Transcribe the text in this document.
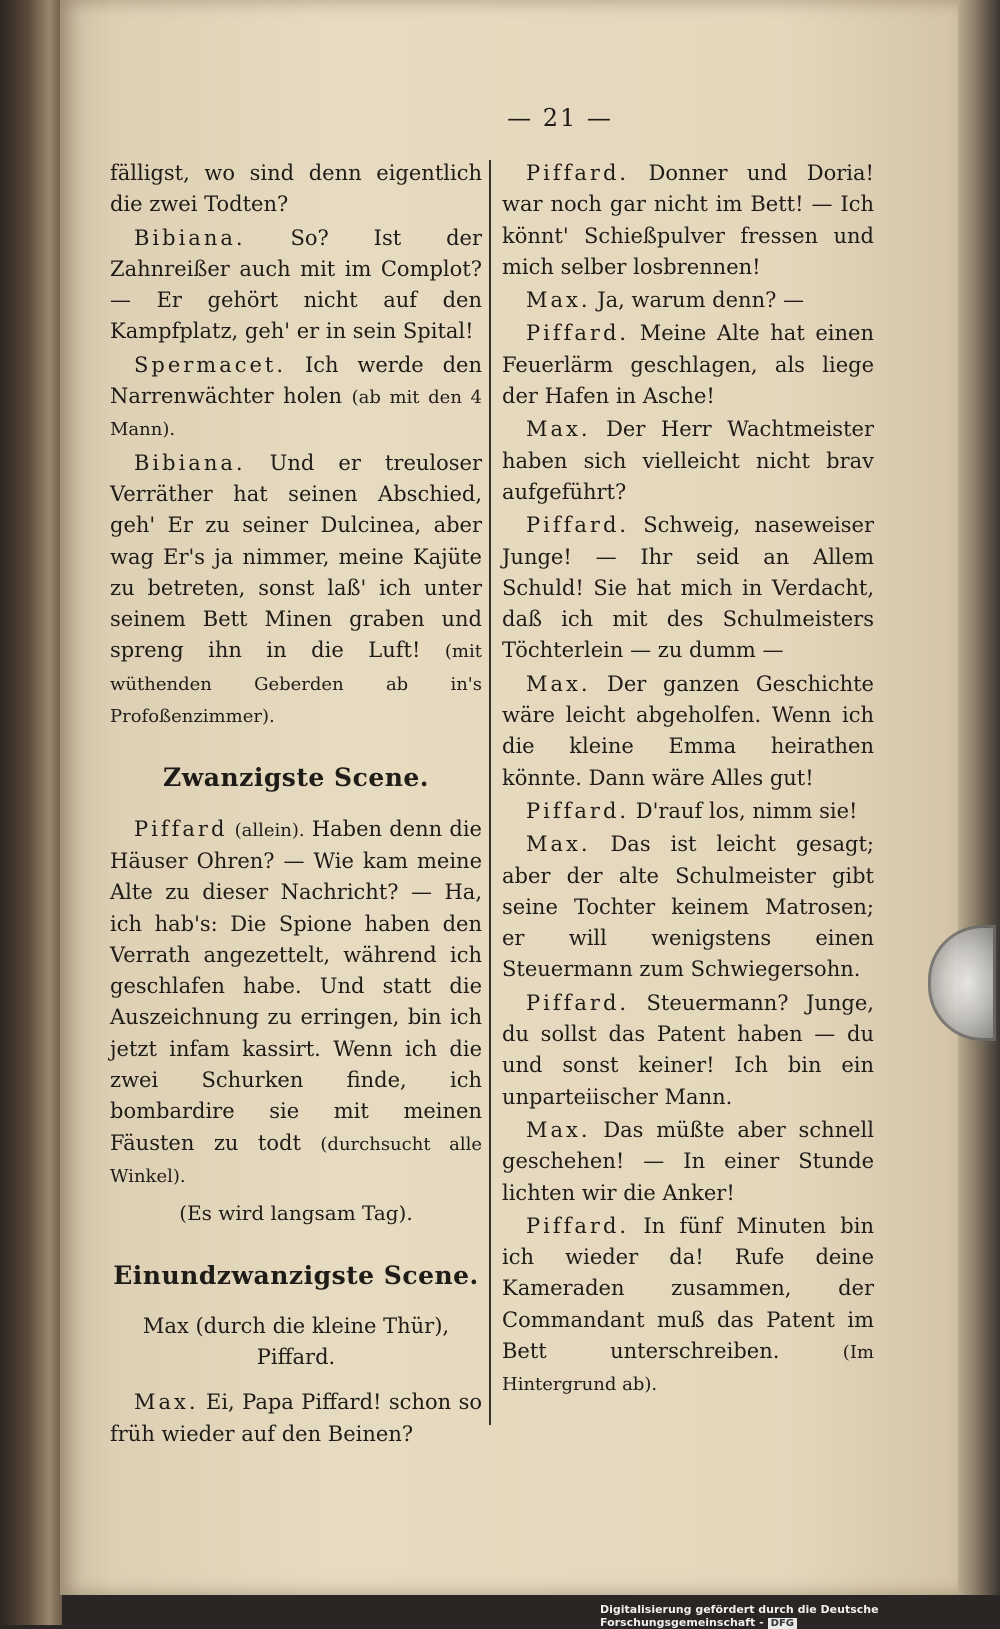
— 21 —

fälligst, wo sind denn eigentlich die zwei Todten?

Bibiana. So? Ist der Zahnreißer auch mit im Complot? — Er gehört nicht auf den Kampfplatz, geh' er in sein Spital!

Spermacet. Ich werde den Narrenwächter holen (ab mit den 4 Mann).

Bibiana. Und er treuloser Verräther hat seinen Abschied, geh' Er zu seiner Dulcinea, aber wag Er's ja nimmer, meine Kajüte zu betreten, sonst laß' ich unter seinem Bett Minen graben und spreng ihn in die Luft! (mit wüthenden Geberden ab in's Profoßenzimmer).

Zwanzigste Scene.

Piffard (allein). Haben denn die Häuser Ohren? — Wie kam meine Alte zu dieser Nachricht? — Ha, ich hab's: Die Spione haben den Verrath angezettelt, während ich geschlafen habe. Und statt die Auszeichnung zu erringen, bin ich jetzt infam kassirt. Wenn ich die zwei Schurken finde, ich bombardire sie mit meinen Fäusten zu todt (durchsucht alle Winkel).

(Es wird langsam Tag).

Einundzwanzigste Scene.

Max (durch die kleine Thür), Piffard.

Max. Ei, Papa Piffard! schon so früh wieder auf den Beinen?

Piffard. Donner und Doria! war noch gar nicht im Bett! — Ich könnt' Schießpulver fressen und mich selber losbrennen!

Max. Ja, warum denn? —

Piffard. Meine Alte hat einen Feuerlärm geschlagen, als liege der Hafen in Asche!

Max. Der Herr Wachtmeister haben sich vielleicht nicht brav aufgeführt?

Piffard. Schweig, naseweiser Junge! — Ihr seid an Allem Schuld! Sie hat mich in Verdacht, daß ich mit des Schulmeisters Töchterlein — zu dumm —

Max. Der ganzen Geschichte wäre leicht abgeholfen. Wenn ich die kleine Emma heirathen könnte. Dann wäre Alles gut!

Piffard. D'rauf los, nimm sie!

Max. Das ist leicht gesagt; aber der alte Schulmeister gibt seine Tochter keinem Matrosen; er will wenigstens einen Steuermann zum Schwiegersohn.

Piffard. Steuermann? Junge, du sollst das Patent haben — du und sonst keiner! Ich bin ein unparteiischer Mann.

Max. Das müßte aber schnell geschehen! — In einer Stunde lichten wir die Anker!

Piffard. In fünf Minuten bin ich wieder da! Rufe deine Kameraden zusammen, der Commandant muß das Patent im Bett unterschreiben.	(Im Hintergrund ab).

Digitalisierung gefördert durch die Deutsche Forschungsgemeinschaft - DFG
